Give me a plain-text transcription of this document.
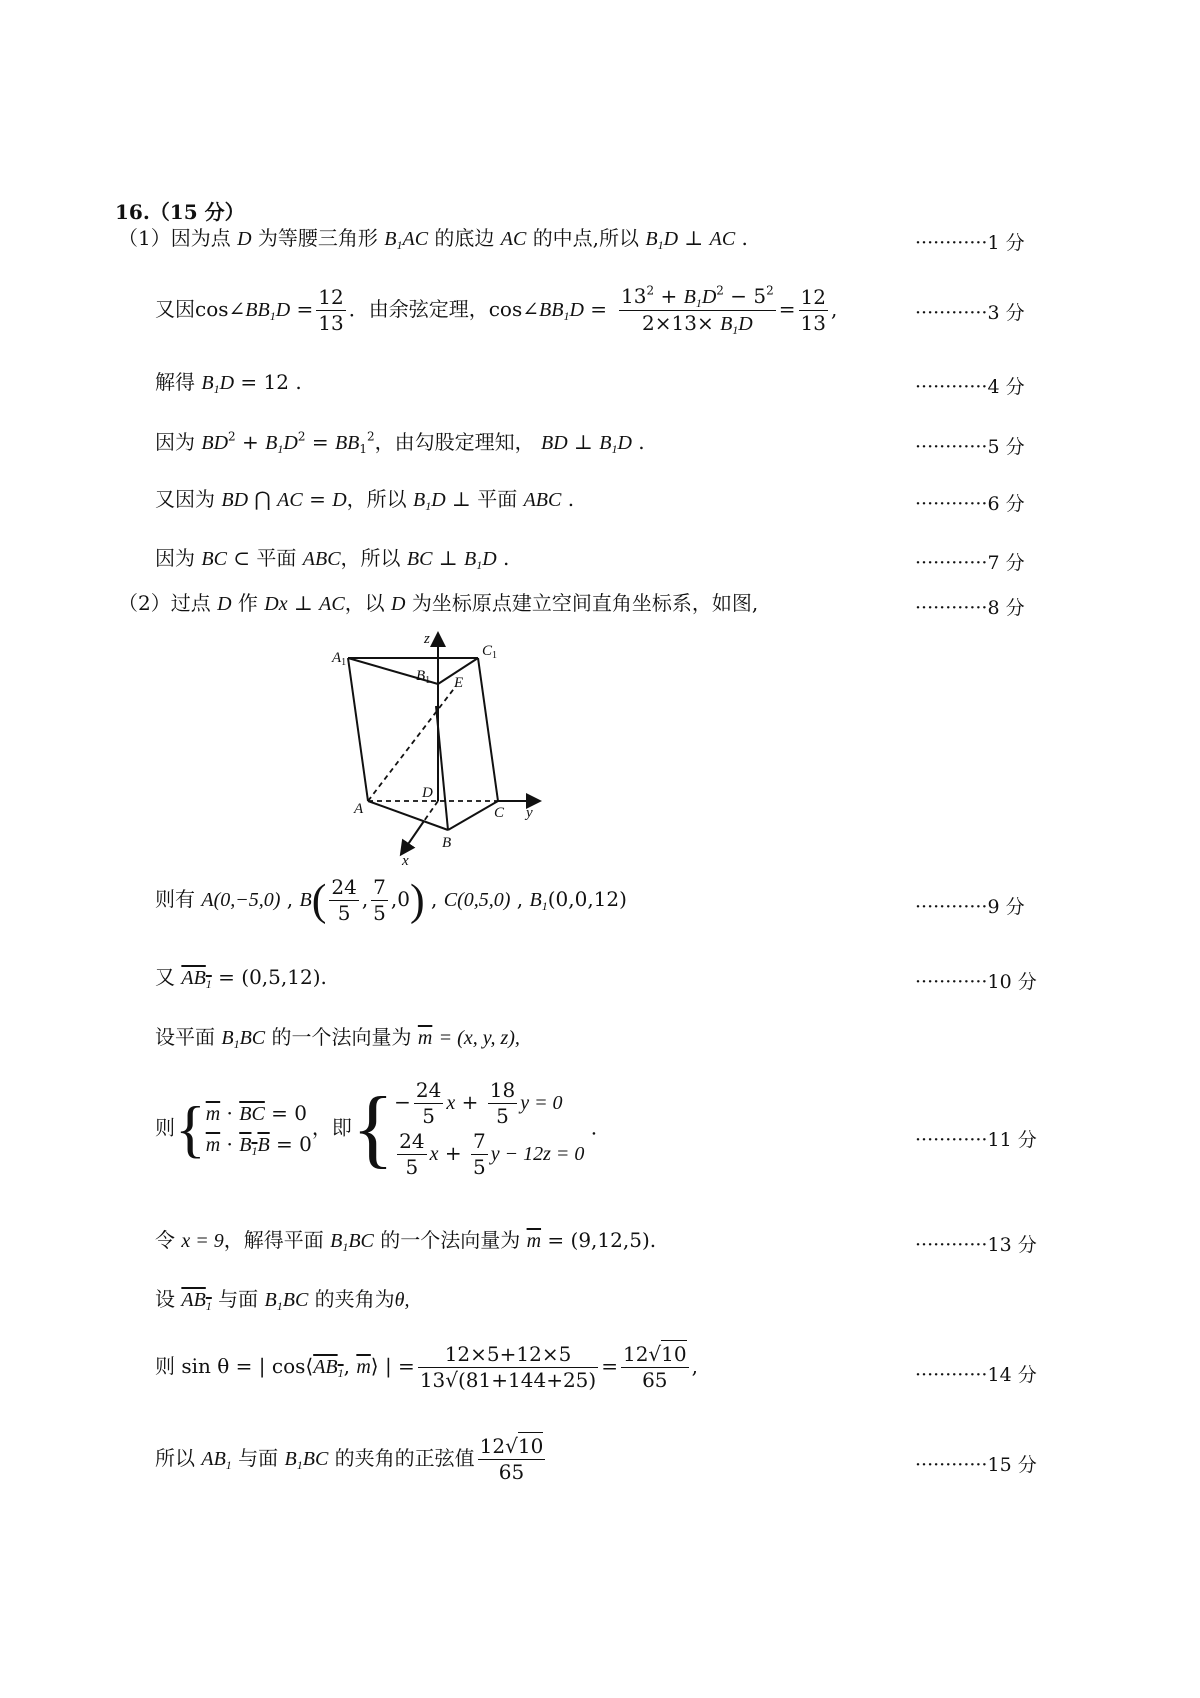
16.（15 分）
（1）因为点 D 为等腰三角形 $B_1AC$ 的底边 AC 的中点,所以 $B_1D$ ⊥ AC .	············1 分
又因$\cos\angle BB_1D = \frac{12}{13}$ ．由余弦定理，$\cos\angle BB_1D = \frac{13^2 + B_1D^2 - 5^2}{2\times 13\times B_1D} = \frac{12}{13}$ ,	············3 分
解得 $B_1D = 12$ .	············4 分
因为 $BD^2 + B_1D^2 = BB_1^2$，由勾股定理知， BD ⊥ $B_1D$ .	············5 分
又因为 BD ⋂ AC = D，所以 $B_1D$ ⊥ 平面 ABC .	············6 分
因为 BC ⊂ 平面 ABC，所以 BC ⊥ $B_1D$ .	············7 分
（2）过点 D 作 Dx ⊥ AC，以 D 为坐标原点建立空间直角坐标系，如图,	············8 分
$A_1$
$C_1$
$B_1$ E
D
A
B
C y
z
x
则有 A(0,−5,0) , $B( \frac{24}{5}$ , $\frac{7}{5} ,0$) , C(0,5,0) , $B_1(0,0,12)$	············9 分
又 $AB_1 = (0,5,12)$.	············10 分
设平面 $B_1BC$ 的一个法向量为 $\overline{m} = (x$, y, z),
则{ $\overline{m} \cdot \overline{BC} = 0$
$\overline{m} \cdot B_1B = 0$
，即{ − $\frac{24}{5}$ $x + \frac{18}{5}$ y = 0
$\frac{24}{5}$ $x + \frac{7}{5}$ y − 12z = 0
.
············11 分
令 x = 9，解得平面 $B_1BC$ 的一个法向量为 $\overline{m} = (9,12,5)$.	············13 分
设 $AB_1$ 与面 $B_1BC$ 的夹角为θ,
则 sin θ = | $\cos⟨AB_1$, $\overline{m}⟩$ | = $\frac{12\times 5+12\times 5}{13√(81+144+25)} = \frac{12√10}{65}$ ,	············14 分
所以 $AB_1$ 与面 $B_1BC$ 的夹角的正弦值 $\frac{12√10}{65}$	············15 分
